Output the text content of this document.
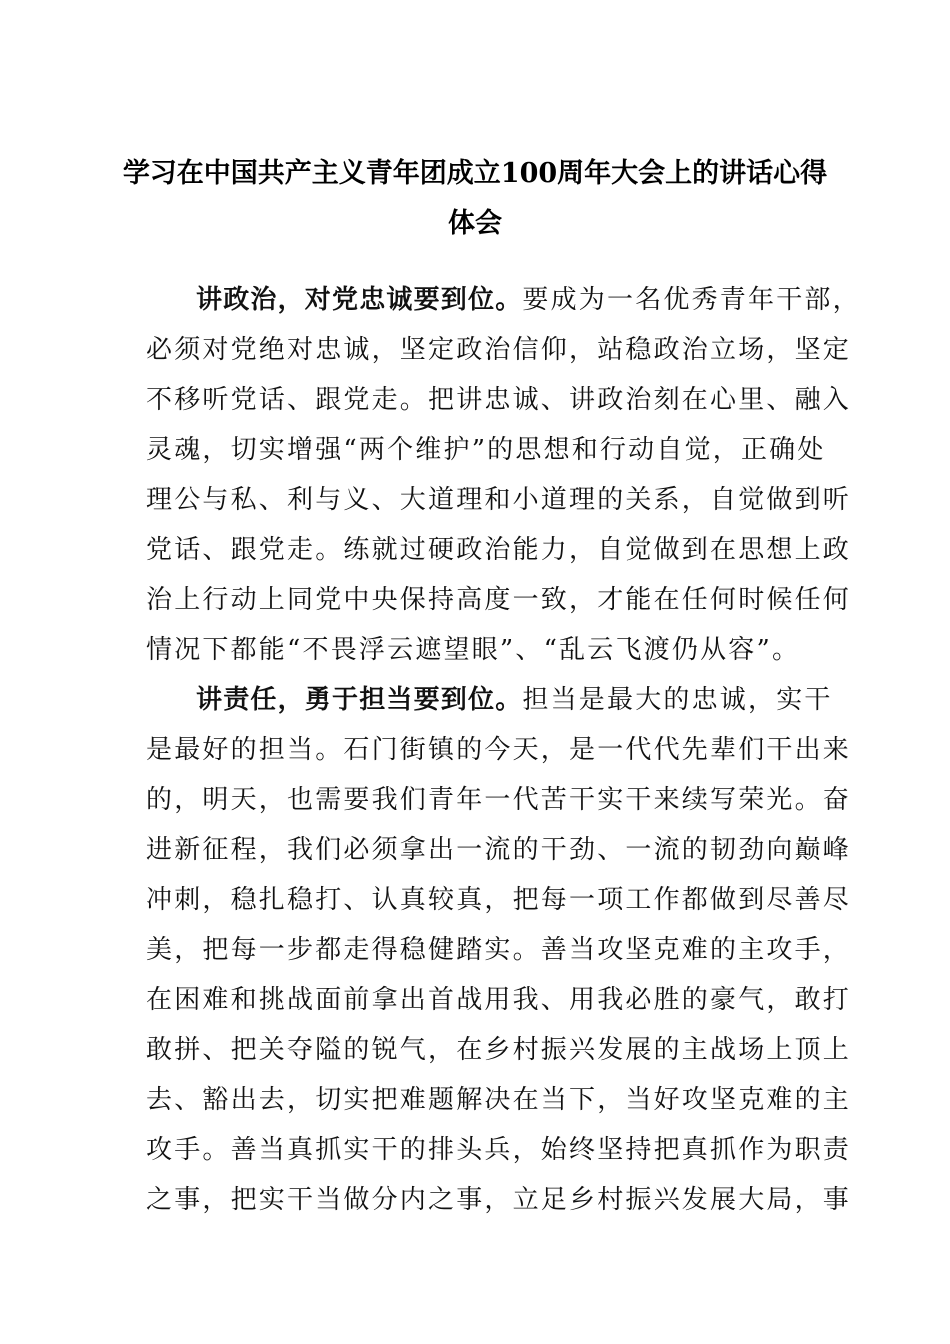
学习在中国共产主义青年团成立100周年大会上的讲话心得
体会
讲政治，对党忠诚要到位。要成为一名优秀青年干部，
必须对党绝对忠诚，坚定政治信仰，站稳政治立场，坚定
不移听党话、跟党走。把讲忠诚、讲政治刻在心里、融入
灵魂，切实增强“两个维护”的思想和行动自觉，正确处
理公与私、利与义、大道理和小道理的关系，自觉做到听
党话、跟党走。练就过硬政治能力，自觉做到在思想上政
治上行动上同党中央保持高度一致，才能在任何时候任何
情况下都能“不畏浮云遮望眼”、“乱云飞渡仍从容”。
讲责任，勇于担当要到位。担当是最大的忠诚，实干
是最好的担当。石门街镇的今天，是一代代先辈们干出来
的，明天，也需要我们青年一代苦干实干来续写荣光。奋
进新征程，我们必须拿出一流的干劲、一流的韧劲向巅峰
冲刺，稳扎稳打、认真较真，把每一项工作都做到尽善尽
美，把每一步都走得稳健踏实。善当攻坚克难的主攻手，
在困难和挑战面前拿出首战用我、用我必胜的豪气，敢打
敢拼、把关夺隘的锐气，在乡村振兴发展的主战场上顶上
去、豁出去，切实把难题解决在当下，当好攻坚克难的主
攻手。善当真抓实干的排头兵，始终坚持把真抓作为职责
之事，把实干当做分内之事，立足乡村振兴发展大局，事
